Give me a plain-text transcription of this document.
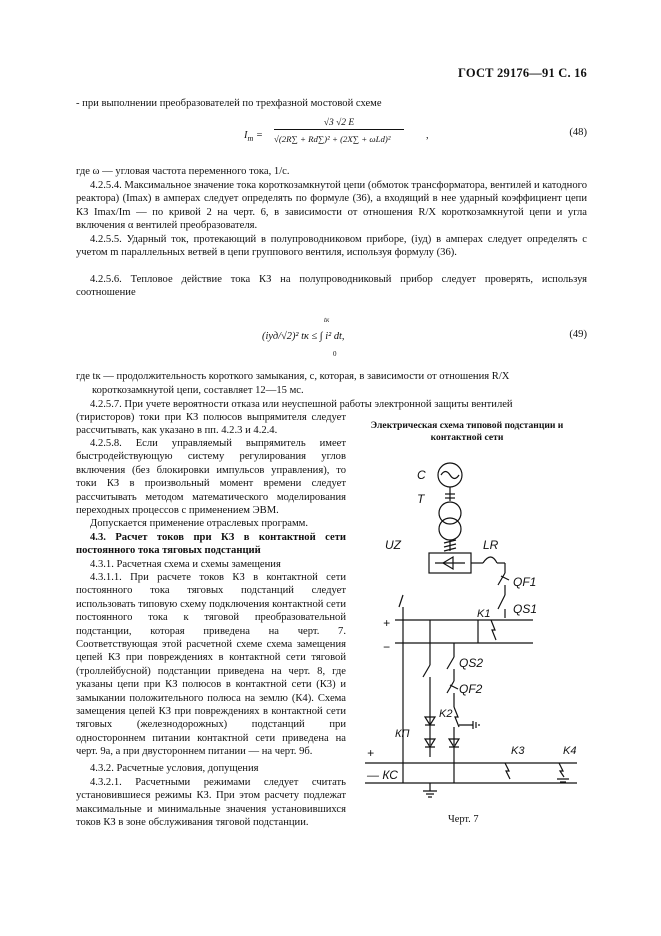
ГОСТ 29176—91 С. 16
- при выполнении преобразователей по трехфазной мостовой схеме
$I_m$ =
√3 √2 E
√(2R∑ + Rd∑)² + (2X∑ + ωLd)²	,	(48)
где ω — угловая частота переменного тока, 1/с.
4.2.5.4. Максимальное значение тока короткозамкнутой цепи (обмоток трансформатора, вентилей и катодного реактора) (Imax) в амперах следует определять по формуле (36), а входящий в нее ударный коэффициент цепи КЗ Imax/Im — по кривой 2 на черт. 6, в зависимости от отношения R/X короткозамкнутой цепи и угла включения α вентилей преобразователя.
4.2.5.5. Ударный ток, протекающий в полупроводниковом приборе, (iуд) в амперах следует определять с учетом m параллельных ветвей в цепи группового вентиля, используя формулу (36).
4.2.5.6. Тепловое действие тока КЗ на полупроводниковый прибор следует проверять, используя соотношение
tк
(iуд/√2)² tк ≤ ∫ i² dt,
0
(49)
где tк — продолжительность короткого замыкания, с, которая, в зависимости от отношения R/X
короткозамкнутой цепи, составляет 12—15 мс.
4.2.5.7. При учете вероятности отказа или неуспешной работы электронной защиты вентилей
(тиристоров) токи при КЗ полюсов выпрямителя следует рассчитывать, как указано в пп. 4.2.3 и 4.2.4.
4.2.5.8. Если управляемый выпрямитель имеет быстродействующую систему регулирования углов включения (без блокировки импульсов управления), то токи КЗ в произвольный момент времени следует рассчитывать методом математического моделирования переходных процессов с применением ЭВМ.
Допускается применение отраслевых программ.
4.3. Расчет токов при КЗ в контактной сети постоянного тока тяговых подстанций
4.3.1. Расчетная схема и схемы замещения
4.3.1.1. При расчете токов КЗ в контактной сети постоянного тока тяговых подстанций следует использовать типовую схему подключения контактной сети постоянного тока к тяговой преобразовательной подстанции, которая приведена на черт. 7. Соответствующая этой расчетной схеме схема замещения цепей КЗ при повреждениях в контактной сети тяговой (троллейбусной) подстанции приведена на черт. 8, где указаны цепи при КЗ полюсов в контактной сети (К3) и замыкании положительного полюса на землю (К4). Схема замещения цепей КЗ при повреждениях в контактной сети тяговых (железнодорожных) подстанций при одностороннем питании контактной сети приведена на черт. 9а, а при двустороннем питании — на черт. 9б.
4.3.2. Расчетные условия, допущения
4.3.2.1. Расчетными режимами следует считать установившиеся режимы КЗ. При этом расчету подлежат максимальные и минимальные значения установившихся токов КЗ в зоне обслуживания тяговой подстанции.
Электрическая схема типовой подстанции и контактной сети
C
T
UZ	LR
QF1
QS1
+
K1
−
QS2
QF2
КП
K2
+
— КС
K3	K4
Черт. 7
